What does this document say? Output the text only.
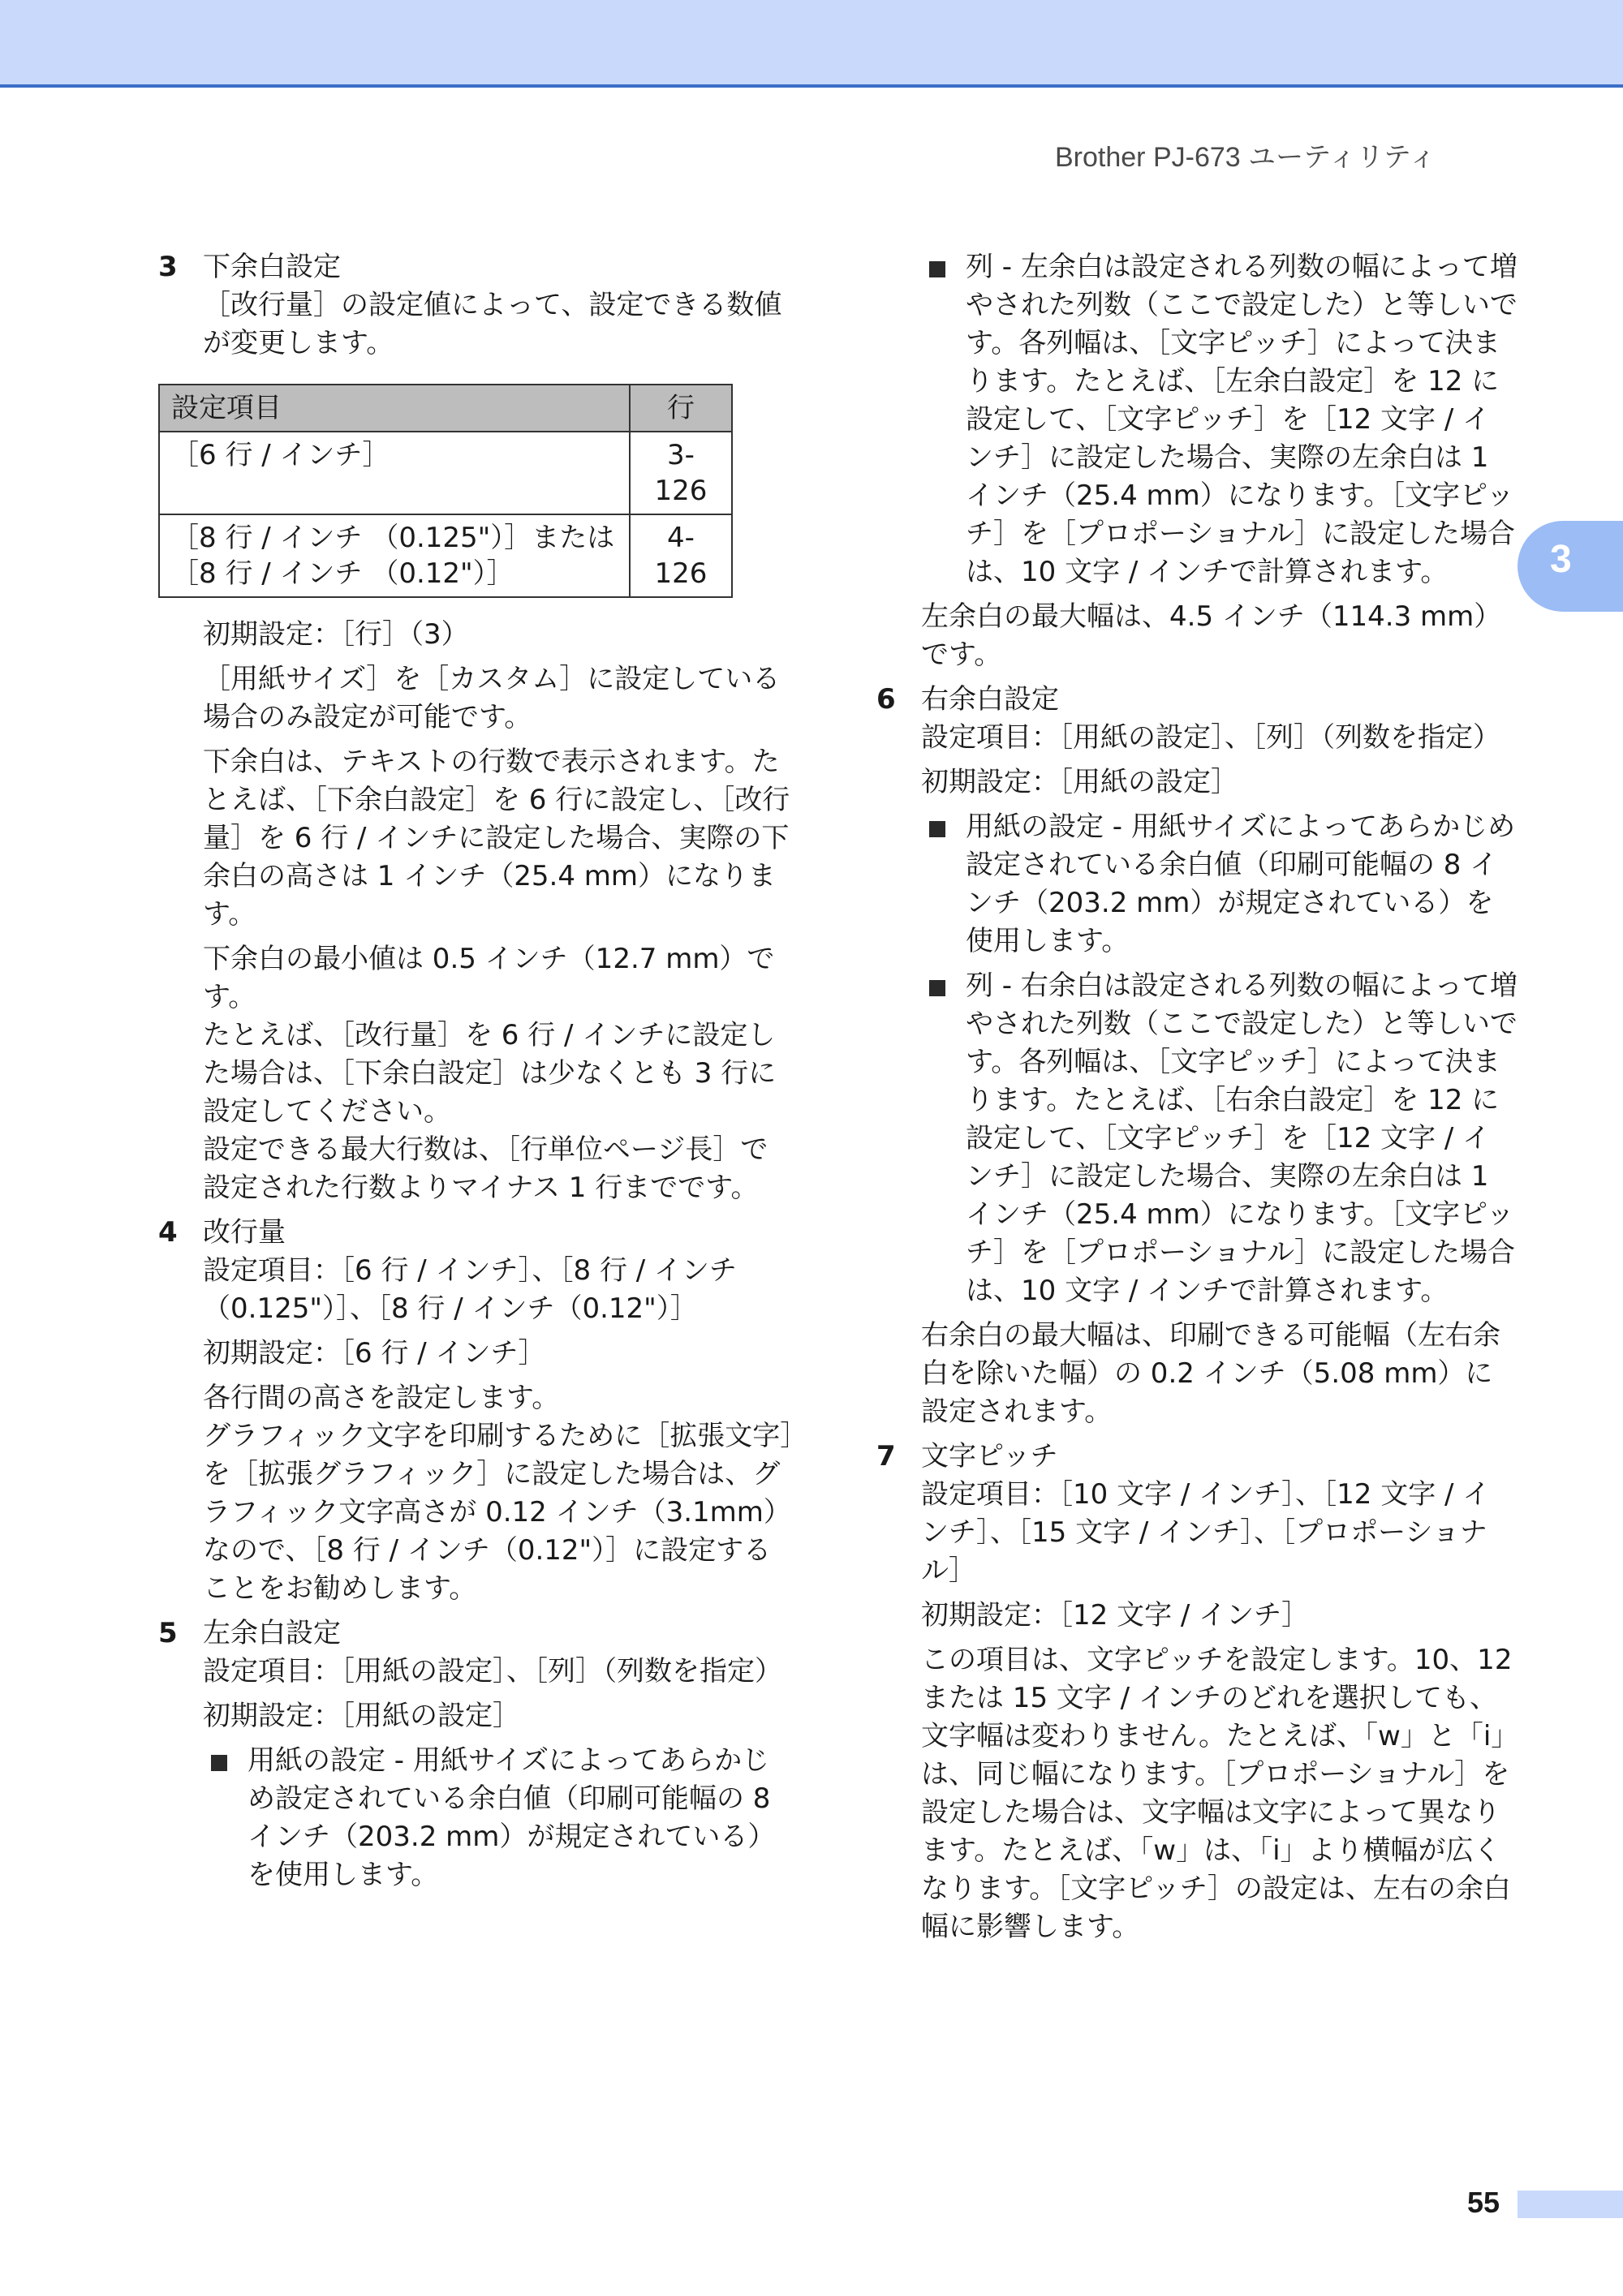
Brother PJ-673 ユーティリティ
3
3 下余白設定
［改行量］の設定値によって、設定できる数値が変更します。
設定項目	行
［6 行 / インチ］	3-126

［8 行 / インチ （0.125"）］または
［8 行 / インチ （0.12"）］	4-126
初期設定：［行］（3）
［用紙サイズ］を［カスタム］に設定している場合のみ設定が可能です。
下余白は、テキストの行数で表示されます。たとえば、［下余白設定］を 6 行に設定し、［改行量］を 6 行 / インチに設定した場合、実際の下余白の高さは 1 インチ（25.4 mm）になります。
下余白の最小値は 0.5 インチ（12.7 mm）です。
たとえば、［改行量］を 6 行 / インチに設定した場合は、［下余白設定］は少なくとも 3 行に設定してください。
設定できる最大行数は、［行単位ページ長］で設定された行数よりマイナス 1 行までです。
4 改行量
設定項目：［6 行 / インチ］、［8 行 / インチ（0.125"）］、［8 行 / インチ（0.12"）］
初期設定：［6 行 / インチ］
各行間の高さを設定します。
グラフィック文字を印刷するために［拡張文字］を［拡張グラフィック］に設定した場合は、グラフィック文字高さが 0.12 インチ（3.1mm）なので、［8 行 / インチ（0.12"）］に設定することをお勧めします。
5 左余白設定
設定項目：［用紙の設定］、［列］（列数を指定）
初期設定：［用紙の設定］
用紙の設定 - 用紙サイズによってあらかじめ設定されている余白値（印刷可能幅の 8 インチ（203.2 mm）が規定されている）を使用します。
列 - 左余白は設定される列数の幅によって増やされた列数（ここで設定した）と等しいです。各列幅は、［文字ピッチ］によって決まります。たとえば、［左余白設定］を 12 に設定して、［文字ピッチ］を［12 文字 / インチ］に設定した場合、実際の左余白は 1 インチ（25.4 mm）になります。［文字ピッチ］を［プロポーショナル］に設定した場合は、10 文字 / インチで計算されます。
左余白の最大幅は、4.5 インチ（114.3 mm）です。
6 右余白設定
設定項目：［用紙の設定］、［列］（列数を指定）
初期設定：［用紙の設定］
用紙の設定 - 用紙サイズによってあらかじめ設定されている余白値（印刷可能幅の 8 インチ（203.2 mm）が規定されている）を使用します。
列 - 右余白は設定される列数の幅によって増やされた列数（ここで設定した）と等しいです。各列幅は、［文字ピッチ］によって決まります。たとえば、［右余白設定］を 12 に設定して、［文字ピッチ］を［12 文字 / インチ］に設定した場合、実際の左余白は 1 インチ（25.4 mm）になります。［文字ピッチ］を［プロポーショナル］に設定した場合は、10 文字 / インチで計算されます。
右余白の最大幅は、印刷できる可能幅（左右余白を除いた幅）の 0.2 インチ（5.08 mm）に設定されます。
7 文字ピッチ
設定項目：［10 文字 / インチ］、［12 文字 / インチ］、［15 文字 / インチ］、［プロポーショナル］
初期設定：［12 文字 / インチ］
この項目は、文字ピッチを設定します。10、12 または 15 文字 / インチのどれを選択しても、文字幅は変わりません。たとえば、「w」と「i」は、同じ幅になります。［プロポーショナル］を設定した場合は、文字幅は文字によって異なります。たとえば、「w」は、「i」より横幅が広くなります。［文字ピッチ］の設定は、左右の余白幅に影響します。
55
